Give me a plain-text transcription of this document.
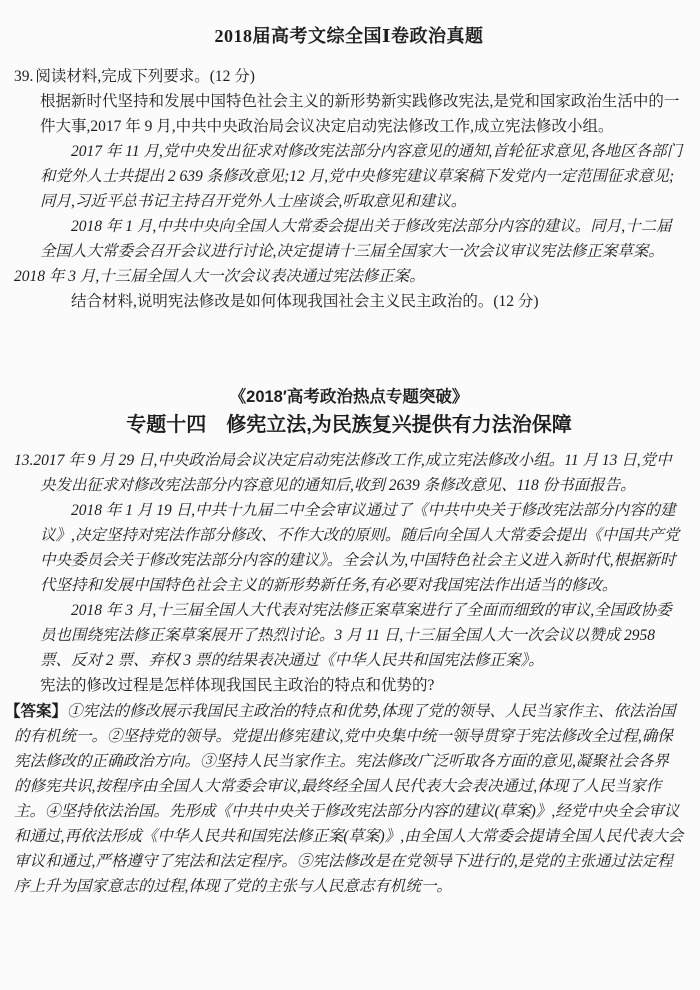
2018届高考文综全国Ⅰ卷政治真题

39. 阅读材料,完成下列要求。(12 分)

根据新时代坚持和发展中国特色社会主义的新形势新实践修改宪法,是党和国家政治生活中的一件大事,2017 年 9 月,中共中央政治局会议决定启动宪法修改工作,成立宪法修改小组。

2017 年 11 月,党中央发出征求对修改宪法部分内容意见的通知,首轮征求意见,各地区各部门和党外人士共提出 2 639 条修改意见;12 月,党中央修宪建议草案稿下发党内一定范围征求意见;同月,习近平总书记主持召开党外人士座谈会,听取意见和建议。

2018 年 1 月,中共中央向全国人大常委会提出关于修改宪法部分内容的建议。同月,十二届全国人大常委会召开会议进行讨论,决定提请十三届全国家大一次会议审议宪法修正案草案。

2018 年 3 月,十三届全国人大一次会议表决通过宪法修正案。

结合材料,说明宪法修改是如何体现我国社会主义民主政治的。(12 分)

《2018′高考政治热点专题突破》
专题十四　修宪立法,为民族复兴提供有力法治保障

13.2017 年 9 月 29 日,中央政治局会议决定启动宪法修改工作,成立宪法修改小组。11 月 13 日,党中央发出征求对修改宪法部分内容意见的通知后,收到 2639 条修改意见、118 份书面报告。

2018 年 1 月 19 日,中共十九届二中全会审议通过了《中共中央关于修改宪法部分内容的建议》,决定坚持对宪法作部分修改、不作大改的原则。随后向全国人大常委会提出《中国共产党中央委员会关于修改宪法部分内容的建议》。全会认为,中国特色社会主义进入新时代,根据新时代坚持和发展中国特色社会主义的新形势新任务,有必要对我国宪法作出适当的修改。

2018 年 3 月,十三届全国人大代表对宪法修正案草案进行了全面而细致的审议,全国政协委员也围绕宪法修正案草案展开了热烈讨论。3 月 11 日,十三届全国人大一次会议以赞成 2958 票、反对 2 票、弃权 3 票的结果表决通过《中华人民共和国宪法修正案》。

宪法的修改过程是怎样体现我国民主政治的特点和优势的?

【答案】①宪法的修改展示我国民主政治的特点和优势,体现了党的领导、人民当家作主、依法治国的有机统一。②坚持党的领导。党提出修宪建议,党中央集中统一领导贯穿于宪法修改全过程,确保宪法修改的正确政治方向。③坚持人民当家作主。宪法修改广泛听取各方面的意见,凝聚社会各界的修宪共识,按程序由全国人大常委会审议,最终经全国人民代表大会表决通过,体现了人民当家作主。④坚持依法治国。先形成《中共中央关于修改宪法部分内容的建议(草案)》,经党中央全会审议和通过,再依法形成《中华人民共和国宪法修正案(草案)》,由全国人大常委会提请全国人民代表大会审议和通过,严格遵守了宪法和法定程序。⑤宪法修改是在党领导下进行的,是党的主张通过法定程序上升为国家意志的过程,体现了党的主张与人民意志有机统一。
